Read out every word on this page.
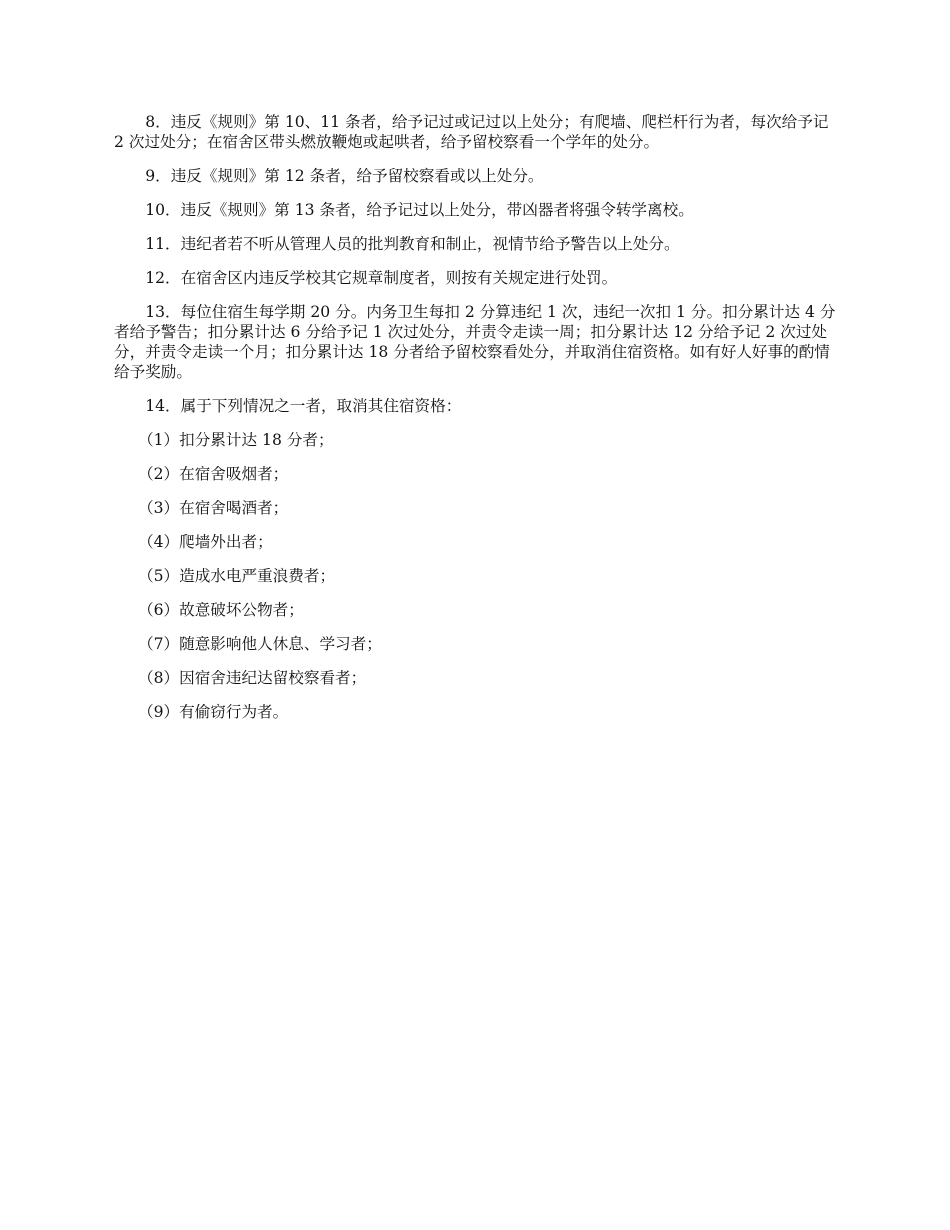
8．违反《规则》第 10、11 条者，给予记过或记过以上处分；有爬墙、爬栏杆行为者，每次给予记 2 次过处分；在宿舍区带头燃放鞭炮或起哄者，给予留校察看一个学年的处分。

9．违反《规则》第 12 条者，给予留校察看或以上处分。

10．违反《规则》第 13 条者，给予记过以上处分，带凶器者将强令转学离校。

11．违纪者若不听从管理人员的批判教育和制止，视情节给予警告以上处分。

12．在宿舍区内违反学校其它规章制度者，则按有关规定进行处罚。

13．每位住宿生每学期 20 分。内务卫生每扣 2 分算违纪 1 次，违纪一次扣 1 分。扣分累计达 4 分者给予警告；扣分累计达 6 分给予记 1 次过处分，并责令走读一周；扣分累计达 12 分给予记 2 次过处分，并责令走读一个月；扣分累计达 18 分者给予留校察看处分，并取消住宿资格。如有好人好事的酌情给予奖励。

14．属于下列情况之一者，取消其住宿资格：

（1）扣分累计达 18 分者；

（2）在宿舍吸烟者；

（3）在宿舍喝酒者；

（4）爬墙外出者；

（5）造成水电严重浪费者；

（6）故意破坏公物者；

（7）随意影响他人休息、学习者；

（8）因宿舍违纪达留校察看者；

（9）有偷窃行为者。
